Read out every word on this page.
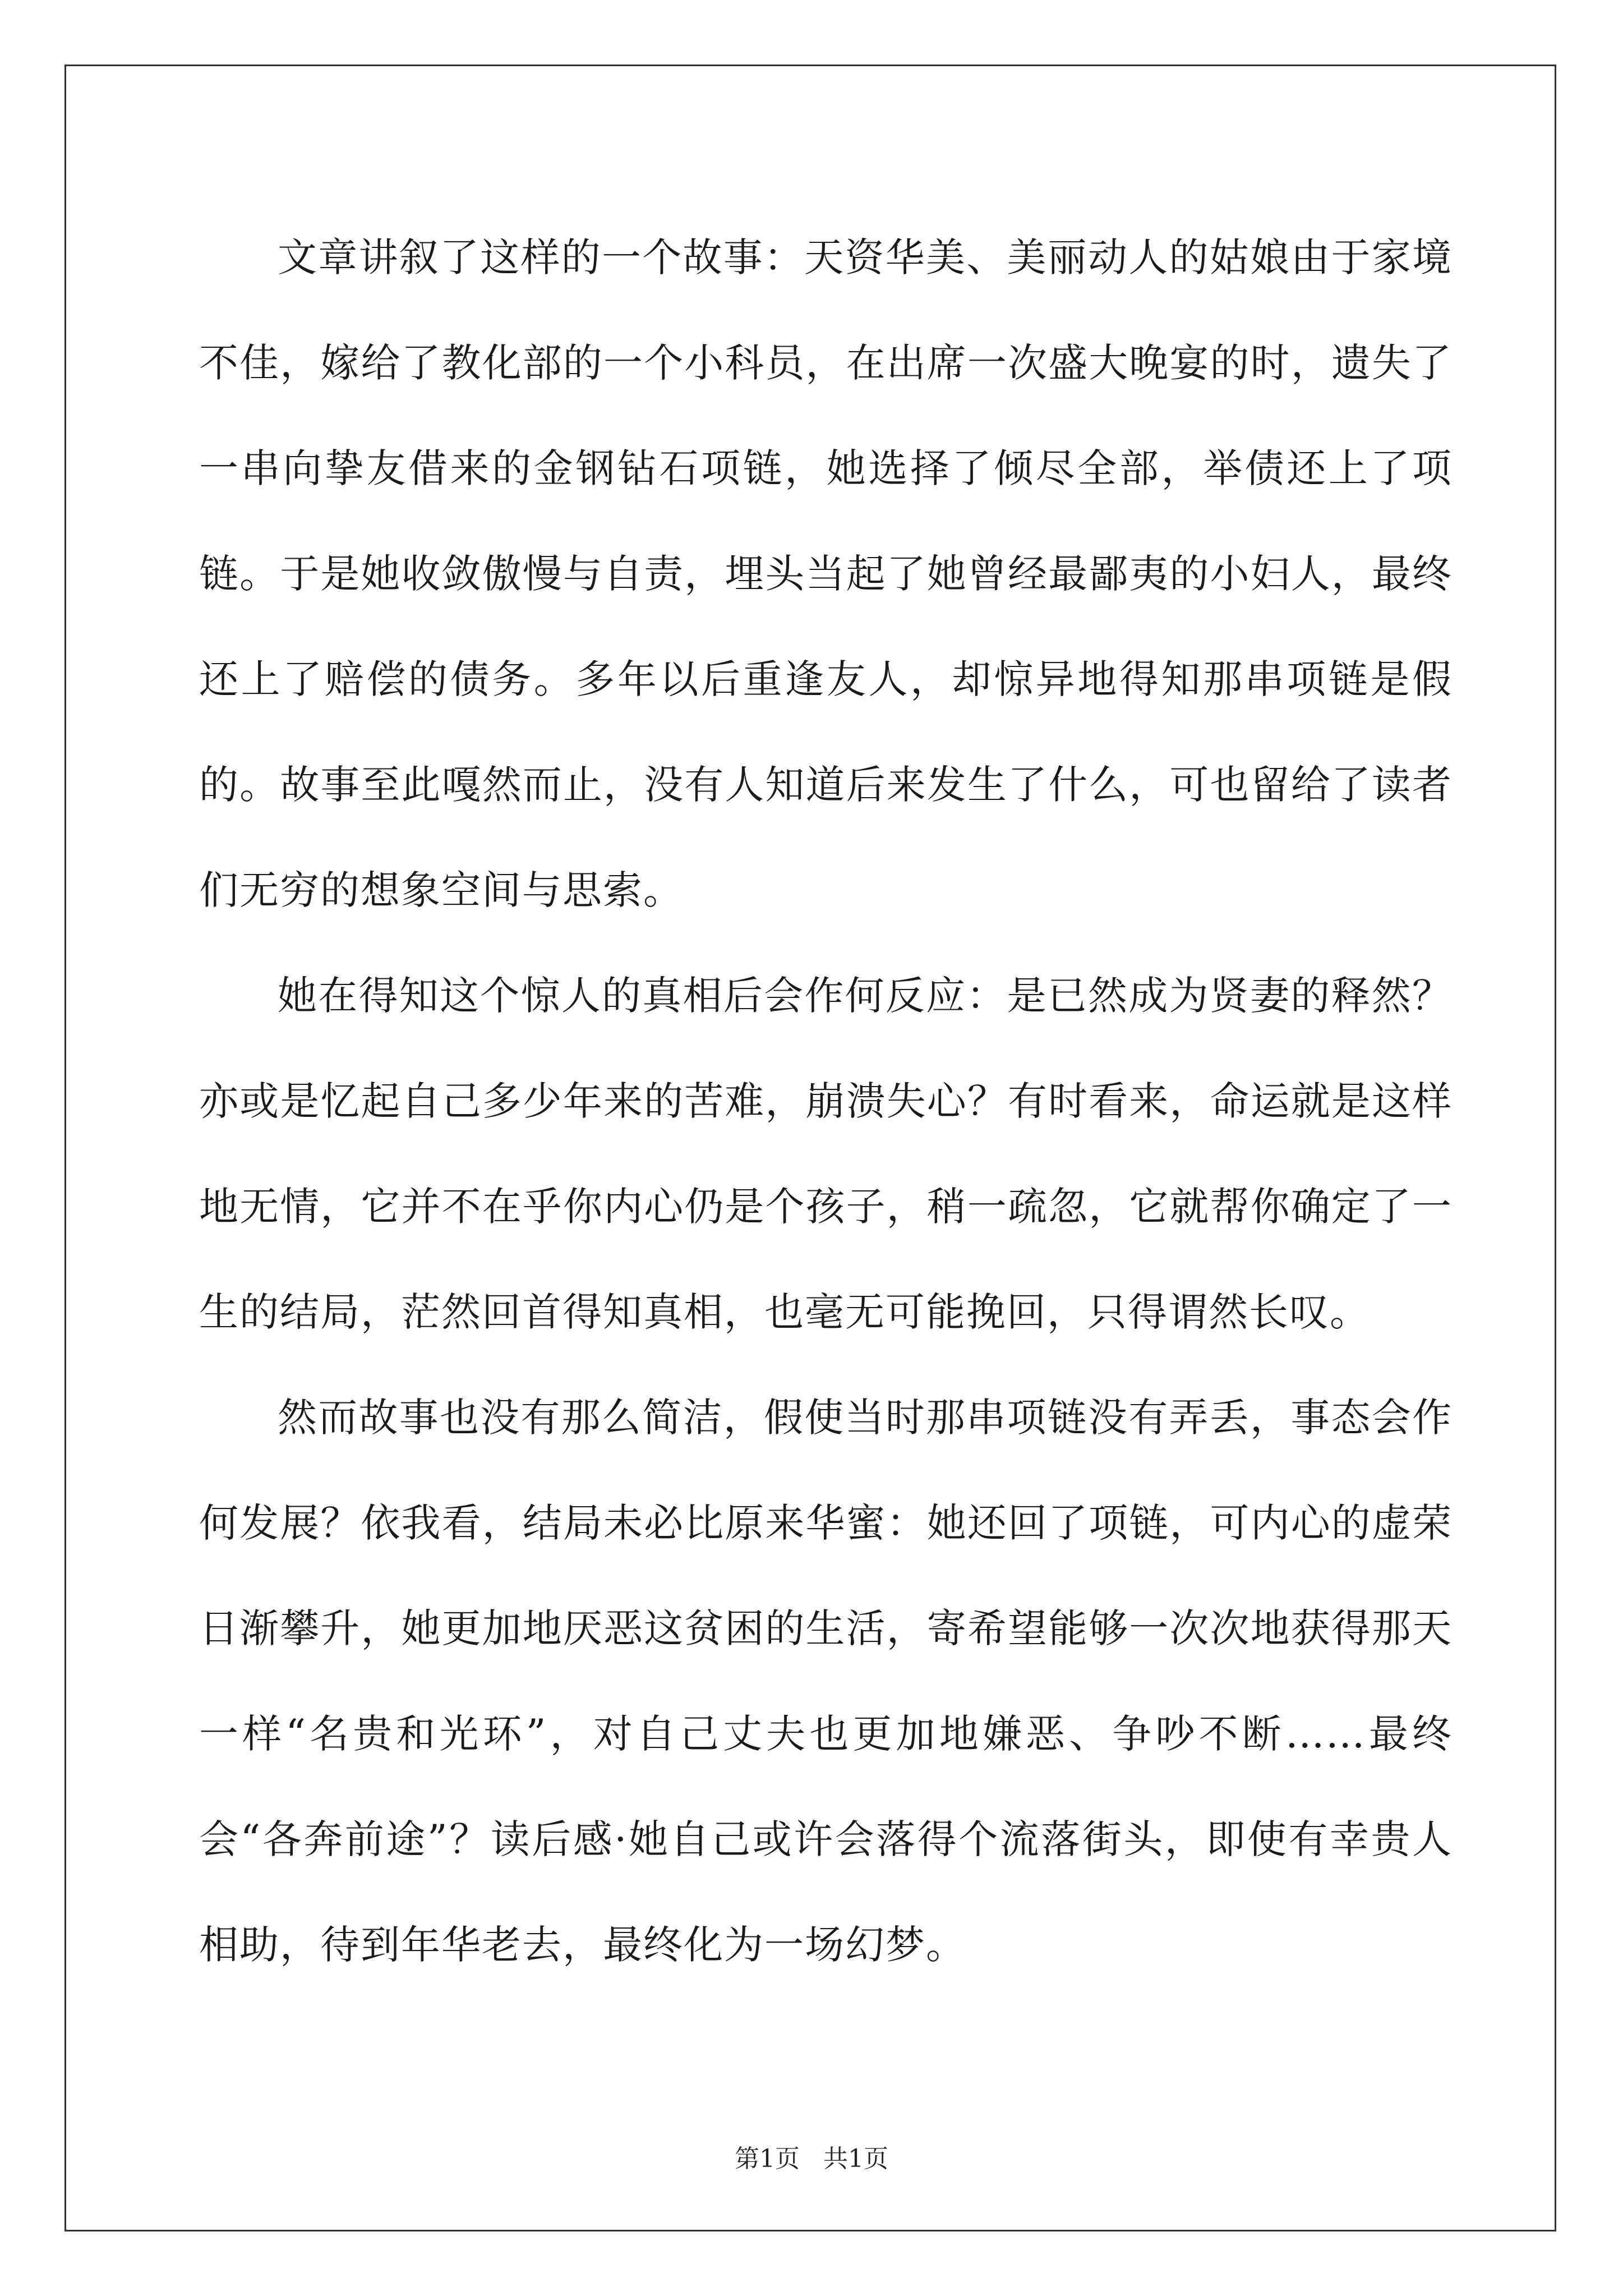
文章讲叙了这样的一个故事：天资华美、美丽动人的姑娘由于家境不佳，嫁给了教化部的一个小科员，在出席一次盛大晚宴的时，遗失了一串向挚友借来的金钢钻石项链，她选择了倾尽全部，举债还上了项链。于是她收敛傲慢与自责，埋头当起了她曾经最鄙夷的小妇人，最终还上了赔偿的债务。多年以后重逢友人，却惊异地得知那串项链是假的。故事至此嘎然而止，没有人知道后来发生了什么，可也留给了读者们无穷的想象空间与思索。

她在得知这个惊人的真相后会作何反应：是已然成为贤妻的释然？亦或是忆起自己多少年来的苦难，崩溃失心？有时看来，命运就是这样地无情，它并不在乎你内心仍是个孩子，稍一疏忽，它就帮你确定了一生的结局，茫然回首得知真相，也毫无可能挽回，只得谓然长叹。

然而故事也没有那么简洁，假使当时那串项链没有弄丢，事态会作何发展？依我看，结局未必比原来华蜜：她还回了项链，可内心的虚荣日渐攀升，她更加地厌恶这贫困的生活，寄希望能够一次次地获得那天一样“名贵和光环”，对自己丈夫也更加地嫌恶、争吵不断……最终会“各奔前途”？读后感·她自己或许会落得个流落街头，即使有幸贵人相助，待到年华老去，最终化为一场幻梦。

第1页   共1页
